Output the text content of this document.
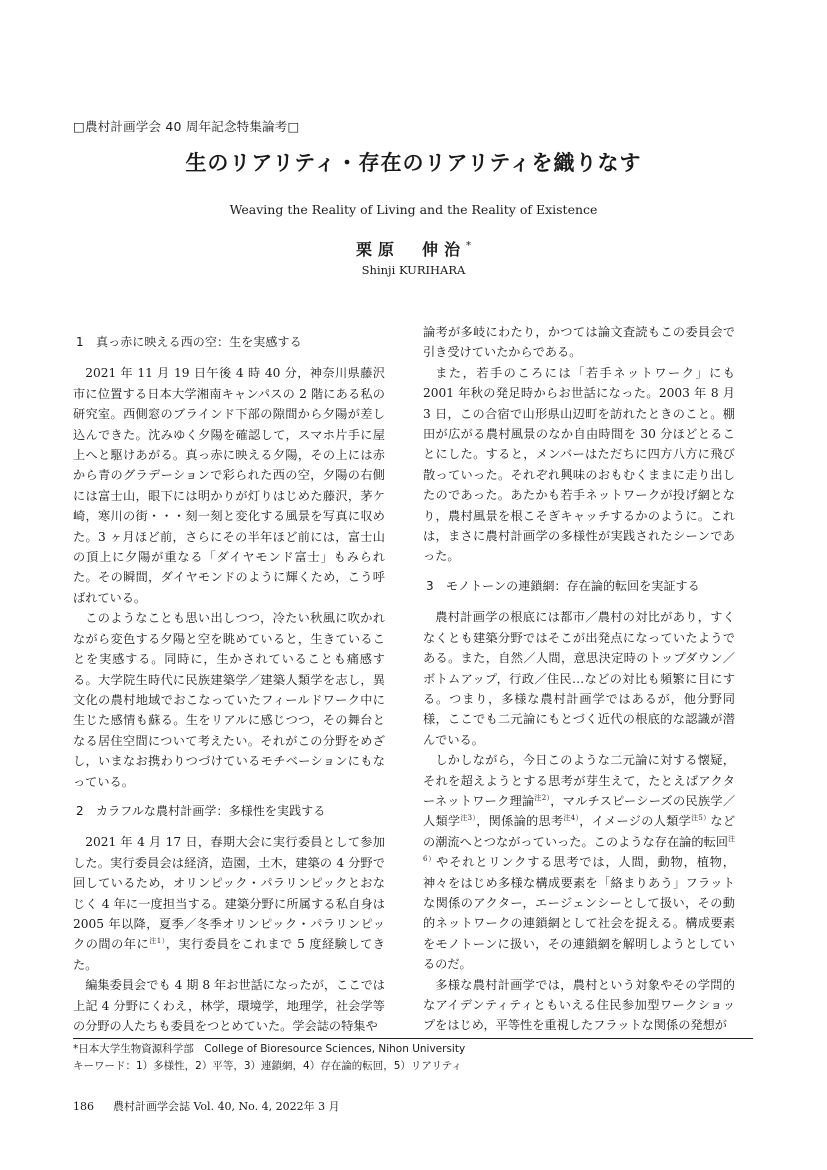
□農村計画学会 40 周年記念特集論考□
生のリアリティ・存在のリアリティを織りなす
Weaving the Reality of Living and the Reality of Existence
栗原　伸治*
Shinji KURIHARA
1 真っ赤に映える西の空：生を実感する

2021 年 11 月 19 日午後 4 時 40 分，神奈川県藤沢市に位置する日本大学湘南キャンパスの 2 階にある私の研究室。西側窓のブラインド下部の隙間から夕陽が差し込んできた。沈みゆく夕陽を確認して，スマホ片手に屋上へと駆けあがる。真っ赤に映える夕陽，その上には赤から青のグラデーションで彩られた西の空，夕陽の右側には富士山，眼下には明かりが灯りはじめた藤沢，茅ケ崎，寒川の街・・・刻一刻と変化する風景を写真に収めた。3 ヶ月ほど前，さらにその半年ほど前には，富士山の頂上に夕陽が重なる「ダイヤモンド富士」もみられた。その瞬間，ダイヤモンドのように輝くため，こう呼ばれている。

このようなことも思い出しつつ，冷たい秋風に吹かれながら変色する夕陽と空を眺めていると，生きていることを実感する。同時に，生かされていることも痛感する。大学院生時代に民族建築学／建築人類学を志し，異文化の農村地域でおこなっていたフィールドワーク中に生じた感情も蘇る。生をリアルに感じつつ，その舞台となる居住空間について考えたい。それがこの分野をめざし，いまなお携わりつづけているモチベーションにもなっている。

2 カラフルな農村計画学：多様性を実践する

2021 年 4 月 17 日，春期大会に実行委員として参加した。実行委員会は経済，造園，土木，建築の 4 分野で回しているため，オリンピック・パラリンピックとおなじく 4 年に一度担当する。建築分野に所属する私自身は 2005 年以降，夏季／冬季オリンピック・パラリンピックの間の年に$^{注1)}$，実行委員をこれまで 5 度経験してきた。

編集委員会でも 4 期 8 年お世話になったが，ここでは上記 4 分野にくわえ，林学，環境学，地理学，社会学等の分野の人たちも委員をつとめていた。学会誌の特集や

論考が多岐にわたり，かつては論文査読もこの委員会で引き受けていたからである。

また，若手のころには「若手ネットワーク」にも 2001 年秋の発足時からお世話になった。2003 年 8 月 3 日，この合宿で山形県山辺町を訪れたときのこと。棚田が広がる農村風景のなか自由時間を 30 分ほどとることにした。すると，メンバーはただちに四方八方に飛び散っていった。それぞれ興味のおもむくままに走り出したのであった。あたかも若手ネットワークが投げ網となり，農村風景を根こそぎキャッチするかのように。これは，まさに農村計画学の多様性が実践されたシーンであった。

3 モノトーンの連鎖網：存在論的転回を実証する

農村計画学の根底には都市／農村の対比があり，すくなくとも建築分野ではそこが出発点になっていたようである。また，自然／人間，意思決定時のトップダウン／ボトムアップ，行政／住民…などの対比も頻繁に目にする。つまり，多様な農村計画学ではあるが，他分野同様，ここでも二元論にもとづく近代の根底的な認識が潜んでいる。

しかしながら，今日このような二元論に対する懐疑，それを超えようとする思考が芽生えて，たとえばアクターネットワーク理論$^{注2)}$，マルチスピーシーズの民族学／人類学$^{注3)}$，関係論的思考$^{注4)}$，イメージの人類学$^{注5)}$などの潮流へとつながっていった。このような存在論的転回$^{注6)}$やそれとリンクする思考では，人間，動物，植物，神々をはじめ多様な構成要素を「絡まりあう」フラットな関係のアクター，エージェンシーとして扱い，その動的ネットワークの連鎖網として社会を捉える。構成要素をモノトーンに扱い，その連鎖網を解明しようとしているのだ。

多様な農村計画学では，農村という対象やその学問的なアイデンティティともいえる住民参加型ワークショップをはじめ，平等性を重視したフラットな関係の発想が

*日本大学生物資源科学部　College of Bioresource Sciences, Nihon University
キーワード：1）多様性，2）平等，3）連鎖網，4）存在論的転回，5）リアリティ
186 農村計画学会誌 Vol. 40, No. 4, 2022年 3 月
